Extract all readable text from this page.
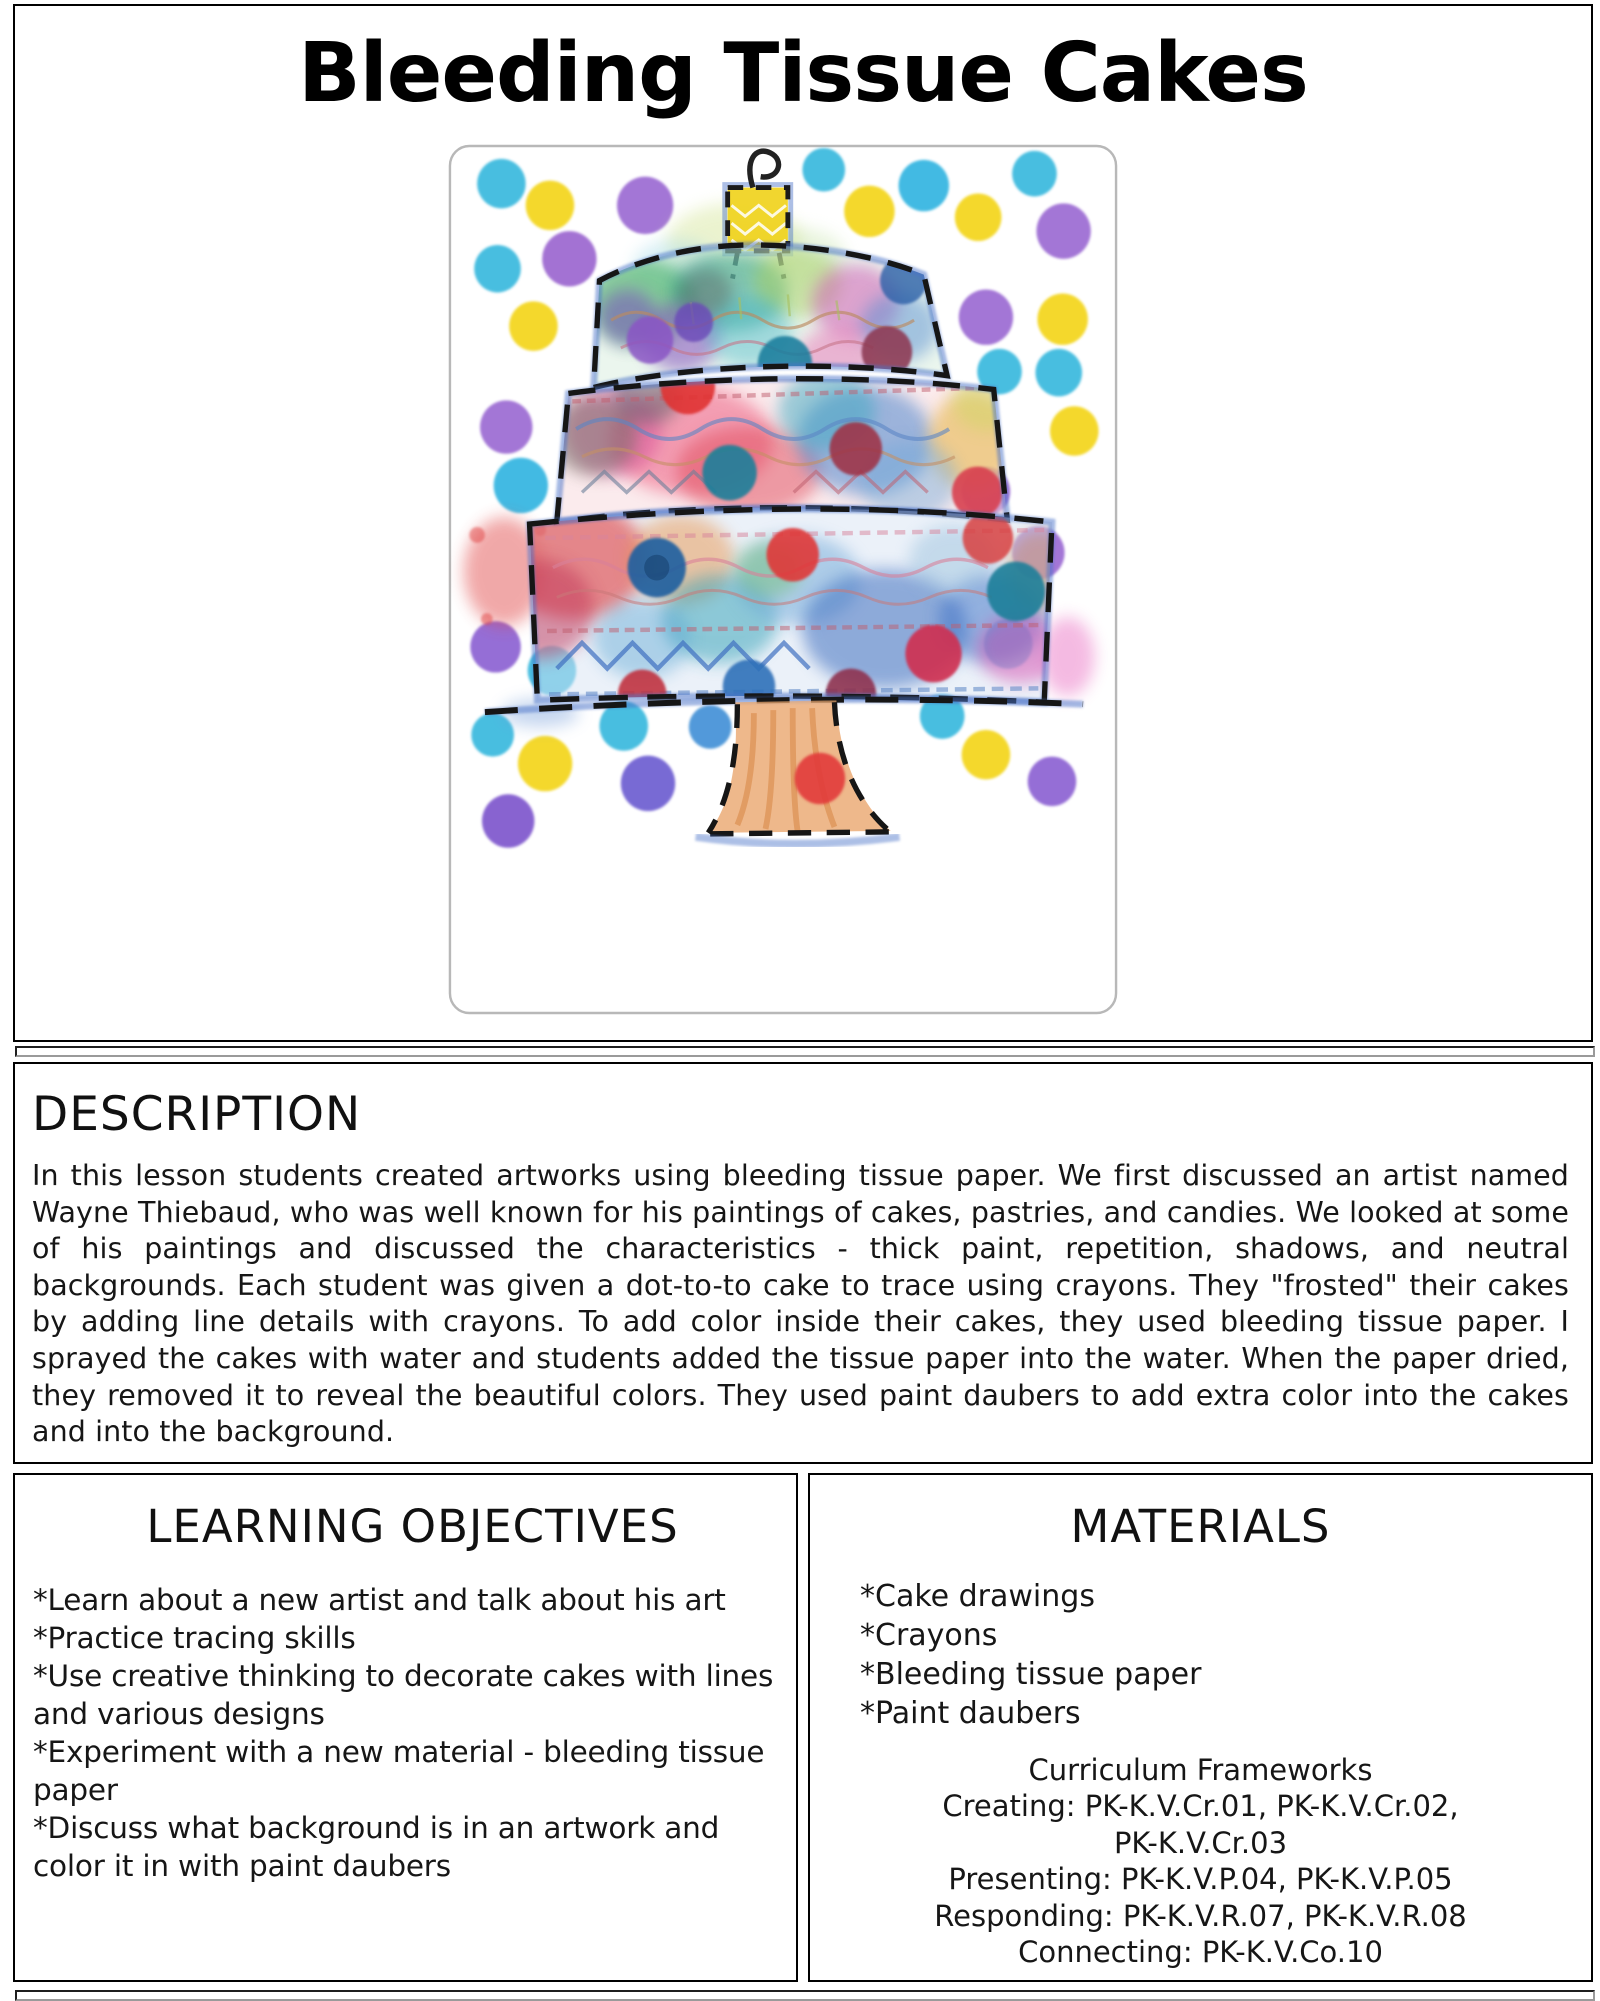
Bleeding Tissue Cakes
DESCRIPTION
In this lesson students created artworks using bleeding tissue paper. We first discussed an artist named Wayne Thiebaud, who was well known for his paintings of cakes, pastries, and candies. We looked at some of his paintings and discussed the characteristics - thick paint, repetition, shadows, and neutral backgrounds. Each student was given a dot-to-to cake to trace using crayons. They "frosted" their cakes by adding line details with crayons. To add color inside their cakes, they used bleeding tissue paper. I sprayed the cakes with water and students added the tissue paper into the water. When the paper dried, they removed it to reveal the beautiful colors. They used paint daubers to add extra color into the cakes and into the background.
LEARNING OBJECTIVES
*Learn about a new artist and talk about his art
*Practice tracing skills
*Use creative thinking to decorate cakes with lines and various designs
*Experiment with a new material - bleeding tissue paper
*Discuss what background is in an artwork and color it in with paint daubers
MATERIALS
*Cake drawings
*Crayons
*Bleeding tissue paper
*Paint daubers
Curriculum Frameworks
Creating: PK-K.V.Cr.01, PK-K.V.Cr.02,
PK-K.V.Cr.03
Presenting: PK-K.V.P.04, PK-K.V.P.05
Responding: PK-K.V.R.07, PK-K.V.R.08
Connecting: PK-K.V.Co.10
